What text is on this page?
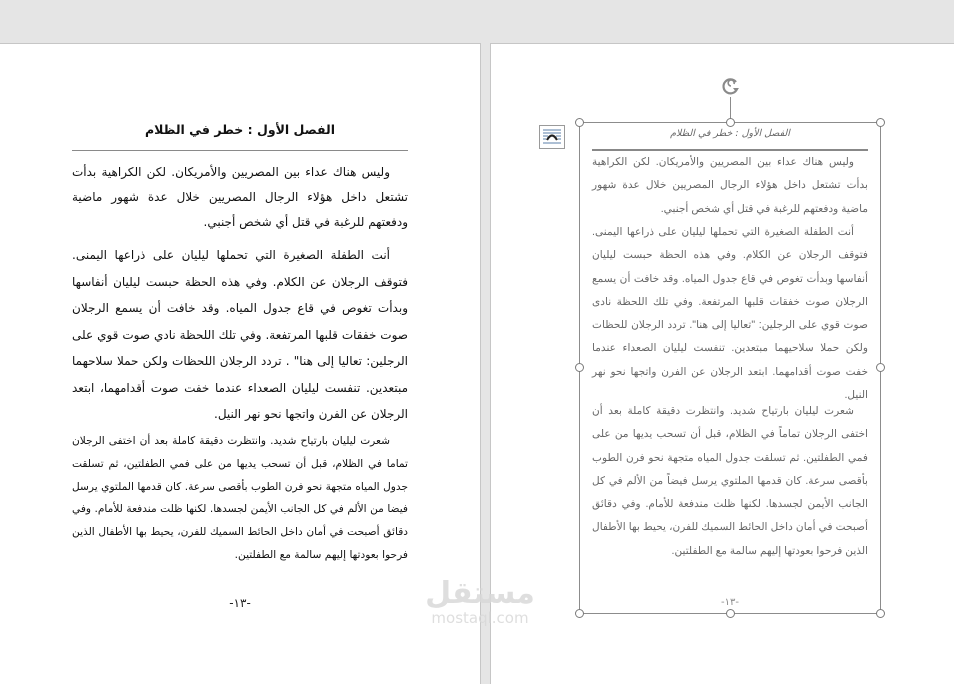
الفصل الأول : خطر في الظلام

وليس هناك عداء بين المصريين والأمريكان. لكن الكراهية بدأت تشتعل داخل هؤلاء الرجال المصريين خلال عدة شهور ماضية ودفعتهم للرغبة في قتل أي شخص أجنبي.

أنت الطفلة الصغيرة التي تحملها ليليان على ذراعها اليمنى. فتوقف الرجلان عن الكلام. وفي هذه الحظة حبست ليليان أنفاسها وبدأت تغوص في قاع جدول المياه. وقد خافت أن يسمع الرجلان صوت خفقات قلبها المرتفعة. وفي تلك اللحظة نادي صوت قوي على الرجلين: تعاليا إلى هنا" . تردد الرجلان اللحظات ولكن حملا سلاحهما مبتعدين. تنفست ليليان الصعداء عندما خفت صوت أقدامهما، ابتعد الرجلان عن الفرن واتجها نحو نهر النيل.

شعرت ليليان بارتياح شديد. وانتظرت دقيقة كاملة بعد أن اختفى الرجلان تماما في الظلام، قبل أن تسحب يديها من على فمي الطفلتين، ثم تسلقت جدول المياه متجهة نحو فرن الطوب بأقصى سرعة. كان قدمها الملتوي يرسل فيضا من الألم في كل الجانب الأيمن لجسدها. لكنها ظلت مندفعة للأمام. وفي دقائق أصبحت في أمان داخل الحائط السميك للفرن، يحيط بها الأطفال الذين فرحوا بعودتها إليهم سالمة مع الطفلتين.

-١٣-
الفصل الأول : خطر في الظلام

وليس هناك عداء بين المصريين والأمريكان. لكن الكراهية بدأت تشتعل داخل هؤلاء الرجال المصريين خلال عدة شهور ماضية ودفعتهم للرغبة في قتل أي شخص أجنبي.

أنت الطفلة الصغيرة التي تحملها ليليان على ذراعها اليمنى. فتوقف الرجلان عن الكلام. وفي هذه الحظة حبست ليليان أنفاسها وبدأت تغوص في قاع جدول المياه. وقد خافت أن يسمع الرجلان صوت خفقات قلبها المرتفعة. وفي تلك اللحظة نادى صوت قوي على الرجلين: "تعاليا إلى هنا". تردد الرجلان للحظات ولكن حملا سلاحيهما مبتعدين. تنفست ليليان الصعداء عندما خفت صوت أقدامهما. ابتعد الرجلان عن الفرن واتجها نحو نهر النيل.

شعرت ليليان بارتياح شديد. وانتظرت دقيقة كاملة بعد أن اختفى الرجلان تماماً في الظلام، قبل أن تسحب يديها من على فمي الطفلتين. ثم تسلقت جدول المياه متجهة نحو فرن الطوب بأقصى سرعة. كان قدمها الملتوي يرسل فيضاً من الألم في كل الجانب الأيمن لجسدها. لكنها ظلت مندفعة للأمام. وفي دقائق أصبحت في أمان داخل الحائط السميك للفرن، يحيط بها الأطفال الذين فرحوا بعودتها إليهم سالمة مع الطفلتين.

-١٣-
مستقل
mostaql.com
